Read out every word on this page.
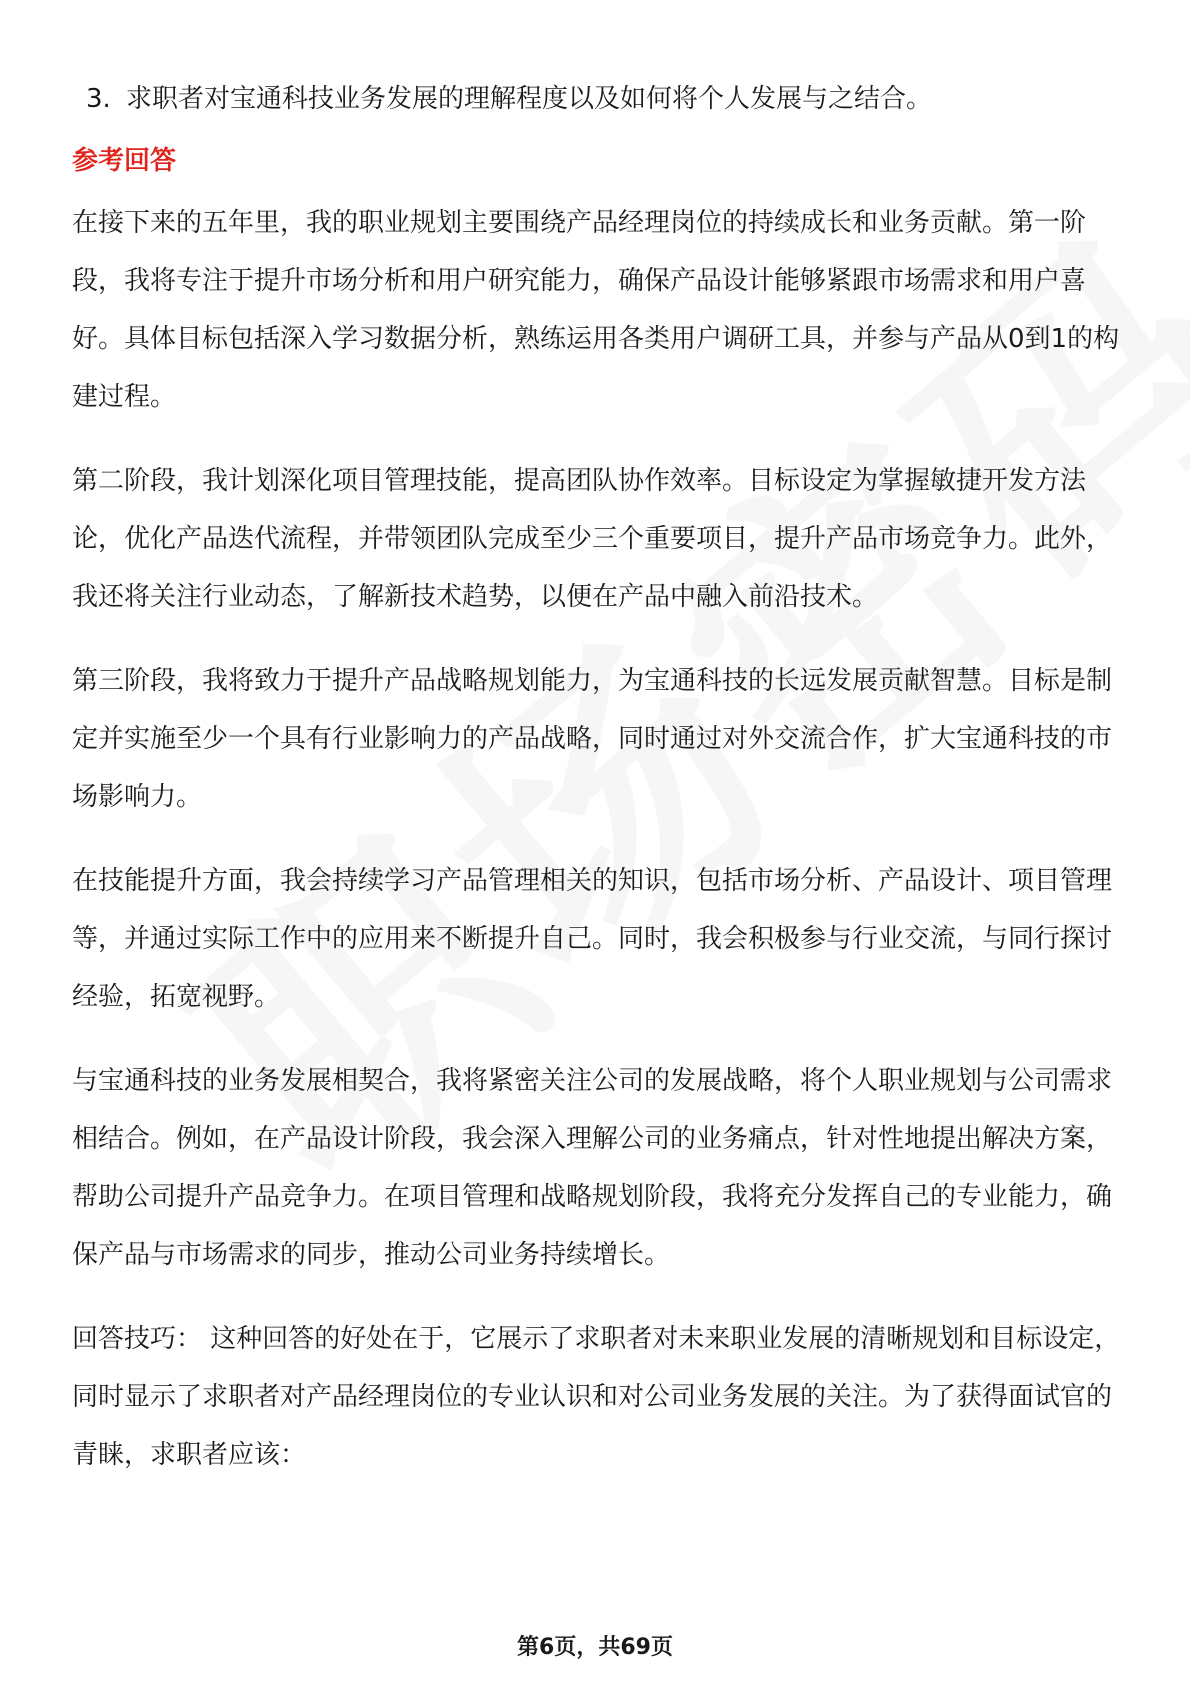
3. 求职者对宝通科技业务发展的理解程度以及如何将个人发展与之结合。

参考回答

在接下来的五年里，我的职业规划主要围绕产品经理岗位的持续成长和业务贡献。第一阶段，我将专注于提升市场分析和用户研究能力，确保产品设计能够紧跟市场需求和用户喜好。具体目标包括深入学习数据分析，熟练运用各类用户调研工具，并参与产品从0到1的构建过程。

第二阶段，我计划深化项目管理技能，提高团队协作效率。目标设定为掌握敏捷开发方法论，优化产品迭代流程，并带领团队完成至少三个重要项目，提升产品市场竞争力。此外，我还将关注行业动态，了解新技术趋势，以便在产品中融入前沿技术。

第三阶段，我将致力于提升产品战略规划能力，为宝通科技的长远发展贡献智慧。目标是制定并实施至少一个具有行业影响力的产品战略，同时通过对外交流合作，扩大宝通科技的市场影响力。

在技能提升方面，我会持续学习产品管理相关的知识，包括市场分析、产品设计、项目管理等，并通过实际工作中的应用来不断提升自己。同时，我会积极参与行业交流，与同行探讨经验，拓宽视野。

与宝通科技的业务发展相契合，我将紧密关注公司的发展战略，将个人职业规划与公司需求相结合。例如，在产品设计阶段，我会深入理解公司的业务痛点，针对性地提出解决方案，帮助公司提升产品竞争力。在项目管理和战略规划阶段，我将充分发挥自己的专业能力，确保产品与市场需求的同步，推动公司业务持续增长。

回答技巧： 这种回答的好处在于，它展示了求职者对未来职业发展的清晰规划和目标设定，同时显示了求职者对产品经理岗位的专业认识和对公司业务发展的关注。为了获得面试官的青睐，求职者应该：

第6页，共69页
